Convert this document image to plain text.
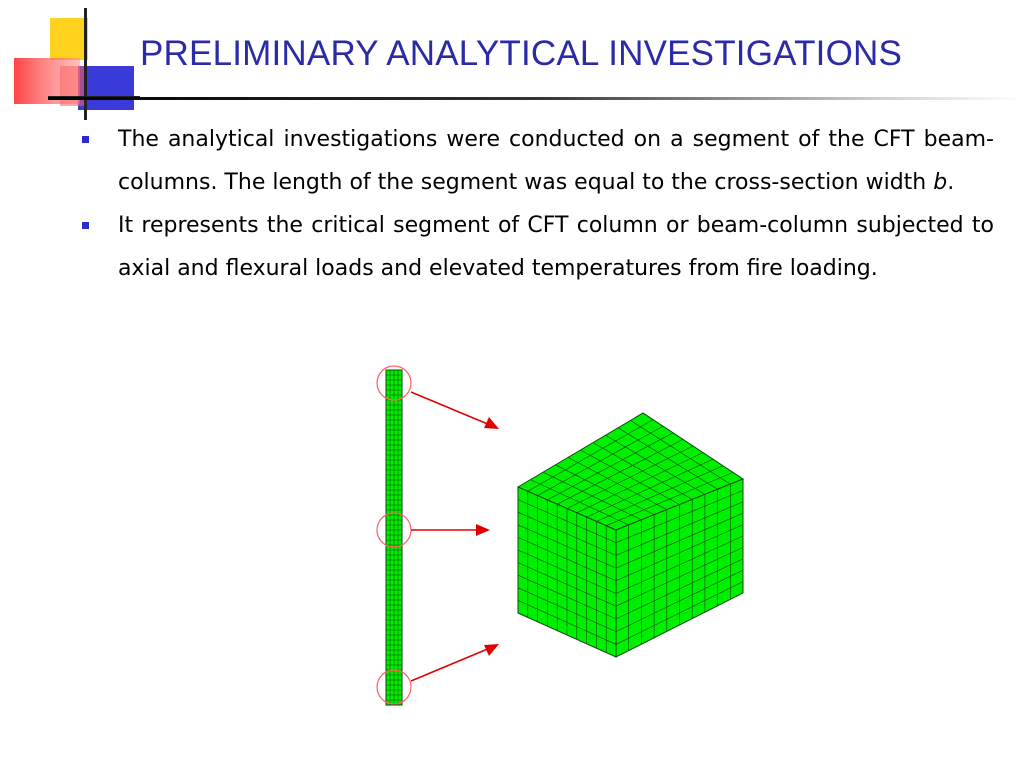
PRELIMINARY ANALYTICAL INVESTIGATIONS
The analytical investigations were conducted on a segment of the CFT beam-columns. The length of the segment was equal to the cross-section width b.
It represents the critical segment of CFT column or beam-column subjected to axial and flexural loads and elevated temperatures from fire loading.
